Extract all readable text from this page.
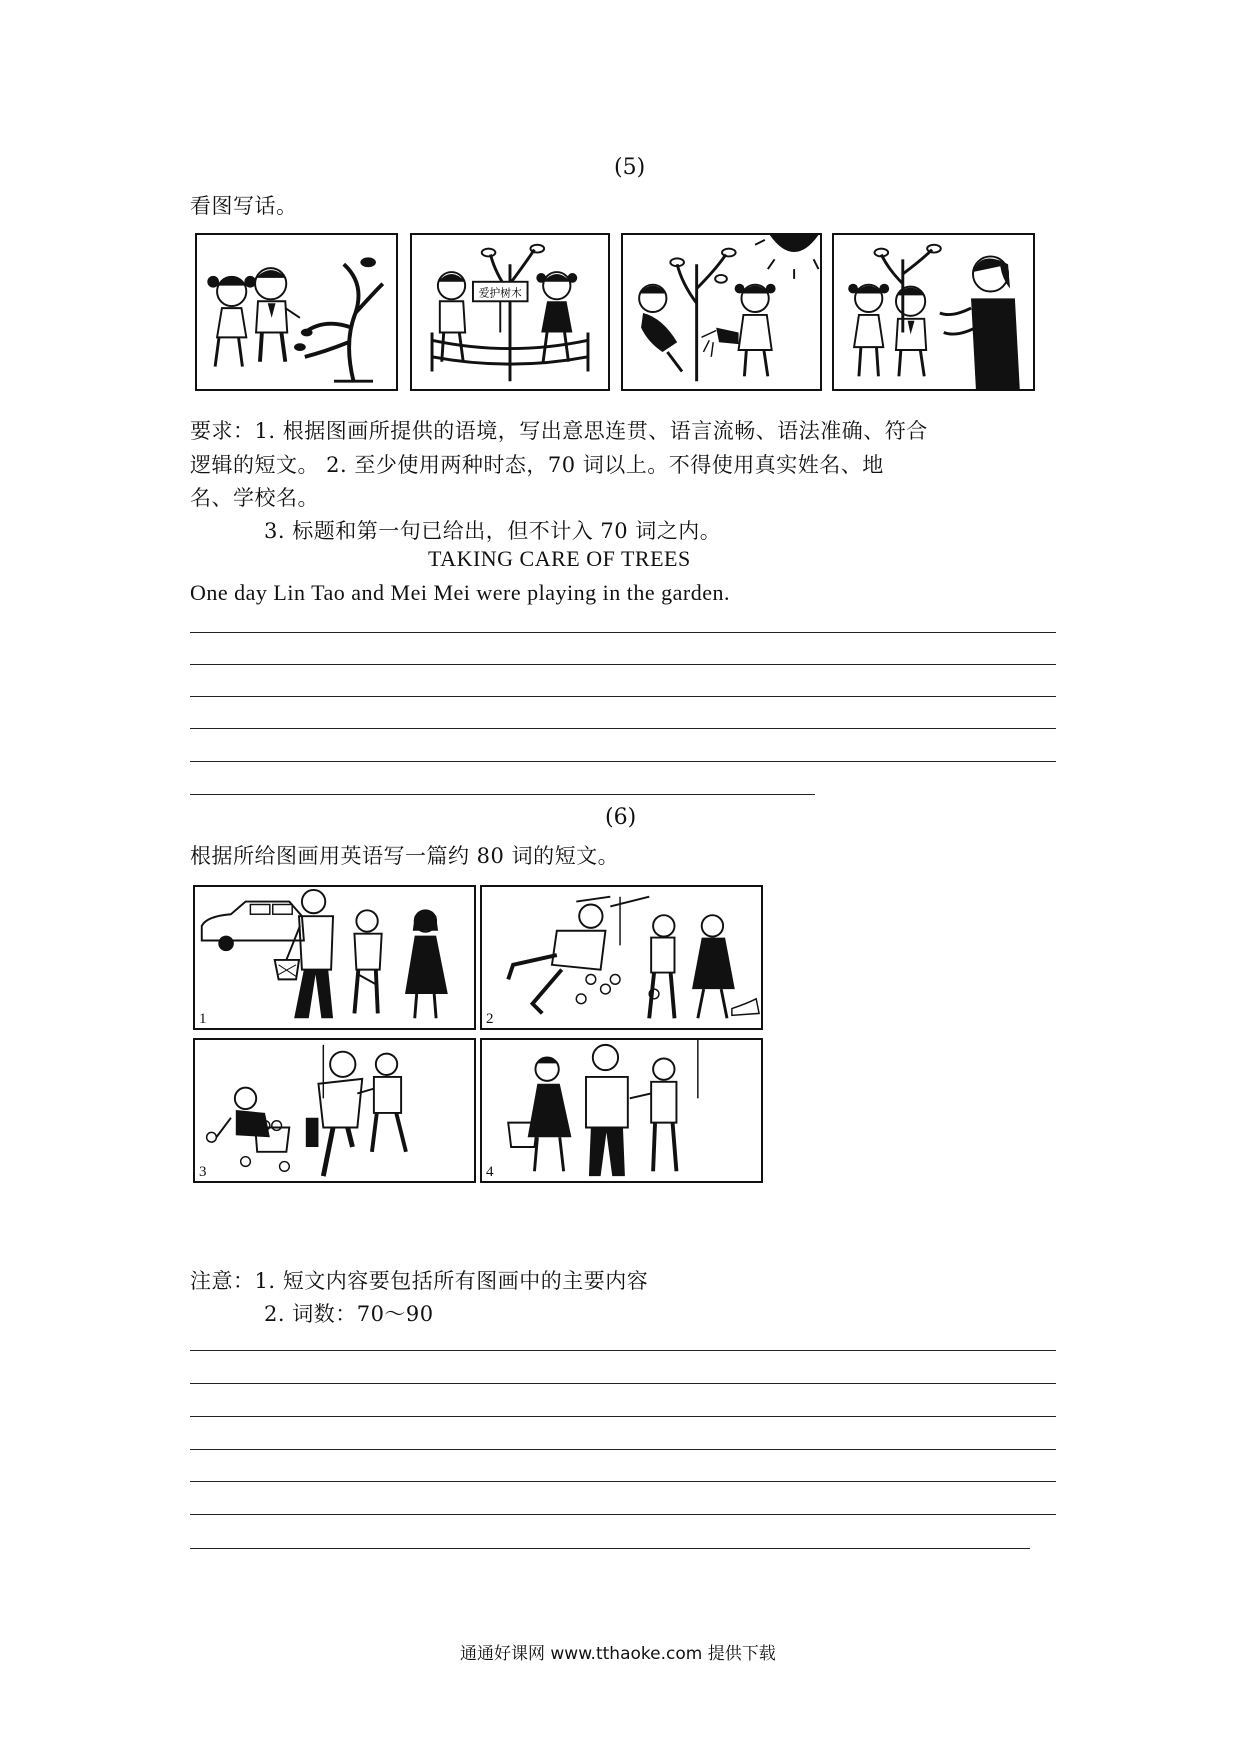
(5)
看图写话。
爱护树木
要求：1. 根据图画所提供的语境，写出意思连贯、语言流畅、语法准确、符合
逻辑的短文。 2. 至少使用两种时态，70 词以上。不得使用真实姓名、地
名、学校名。
3. 标题和第一句已给出，但不计入 70 词之内。
TAKING CARE OF TREES
One day Lin Tao and Mei Mei were playing in the garden.
(6)
根据所给图画用英语写一篇约 80 词的短文。
1	2
3	4
注意：1. 短文内容要包括所有图画中的主要内容
2. 词数：70～90
通通好课网 www.tthaoke.com 提供下载
